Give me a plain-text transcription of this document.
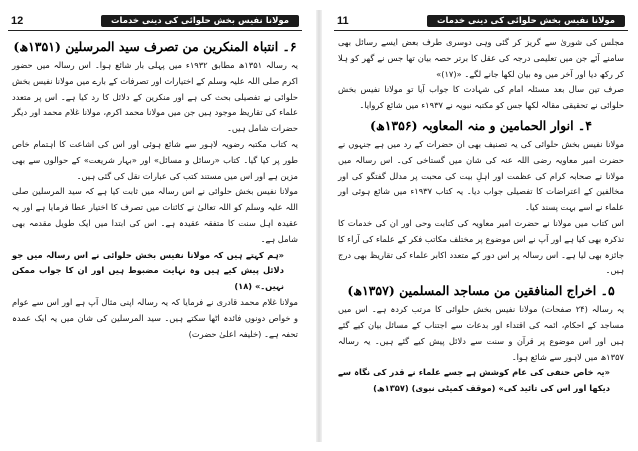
مولانا نفیس بخش حلوائی کی دینی خدمات
11

مجلس کی شوریٰ سے گریز کر گئی وہی دوسری طرف بعض ایسے رسائل بھی سامنے آئے جن میں تعلیمی درجہ کی عقل کا برتر حصہ بیان تھا جس نے گھر کو ہلا کر رکھ دیا اور آخر میں وہ بیان لکھا جانے لگے۔ «(۱۷)»

صرف تین سال بعد مسئلہ امام کی شہادت کا جواب آیا تو مولانا نفیس بخش حلوائی نے تحقیقی مقالہ لکھا جس کو مکتبہ نبویہ نے ۱۹۳۷ء میں شائع کروایا۔

۴۔ انوار الحمامین و منہ المعاوبہ (۱۳۵۶ھ)

مولانا نفیس بخش حلوائی کی یہ تصنیف بھی ان حضرات کے رد میں ہے جنہوں نے حضرت امیر معاویہ رضی اللہ عنہ کی شان میں گستاخی کی۔ اس رسالہ میں مولانا نے صحابہ کرام کی عظمت اور اہلِ بیت کی محبت پر مدلل گفتگو کی اور مخالفین کے اعتراضات کا تفصیلی جواب دیا۔ یہ کتاب ۱۹۳۷ء میں شائع ہوئی اور علماء نے اسے بہت پسند کیا۔

اس کتاب میں مولانا نے حضرت امیر معاویہ کی کتابت وحی اور ان کی خدمات کا تذکرہ بھی کیا ہے اور آپ نے اس موضوع پر مختلف مکاتب فکر کے علماء کی آراء کا جائزہ بھی لیا ہے۔ اس رسالہ پر اس دور کے متعدد اکابر علماء کی تقاریظ بھی درج ہیں۔

۵۔ اخراج المنافقین من مساجد المسلمین (۱۳۵۷ھ)

یہ رسالہ (۲۴ صفحات) مولانا نفیس بخش حلوائی کا مرتب کردہ ہے۔ اس میں مساجد کے احکام، ائمہ کی اقتداء اور بدعات سے اجتناب کے مسائل بیان کیے گئے ہیں اور اس موضوع پر قرآن و سنت سے دلائل پیش کیے گئے ہیں۔ یہ رسالہ ۱۳۵۷ھ میں لاہور سے شائع ہوا۔

«یہ خاص حنفی کی عام کوشش ہے جسے علماء نے قدر کی نگاہ سے دیکھا اور اس کی تائید کی» (موقف کمیٹی نبوی) (۱۳۵۷ھ)

مولانا نفیس بخش حلوائی کی دینی خدمات
12
۶۔ انتباہ المنکرین من تصرف سید المرسلین (۱۳۵۱ھ)

یہ رسالہ ۱۳۵۱ھ مطابق ۱۹۳۲ء میں پہلی بار شائع ہوا۔ اس رسالہ میں حضور اکرم صلی اللہ علیہ وسلم کے اختیارات اور تصرفات کے بارے میں مولانا نفیس بخش حلوائی نے تفصیلی بحث کی ہے اور منکرین کے دلائل کا رد کیا ہے۔ اس پر متعدد علماء کی تقاریظ موجود ہیں جن میں مولانا محمد اکرم، مولانا غلام محمد اور دیگر حضرات شامل ہیں۔

یہ کتاب مکتبہ رضویہ لاہور سے شائع ہوئی اور اس کی اشاعت کا اہتمام خاص طور پر کیا گیا۔ کتاب «رسائل و مسائل» اور «بہار شریعت» کے حوالوں سے بھی مزین ہے اور اس میں مستند کتب کی عبارات نقل کی گئی ہیں۔

مولانا نفیس بخش حلوائی نے اس رسالہ میں ثابت کیا ہے کہ سید المرسلین صلی اللہ علیہ وسلم کو اللہ تعالیٰ نے کائنات میں تصرف کا اختیار عطا فرمایا ہے اور یہ عقیدہ اہل سنت کا متفقہ عقیدہ ہے۔ اس کی ابتدا میں ایک طویل مقدمہ بھی شامل ہے۔

«ہم کہتے ہیں کہ مولانا نفیس بخش حلوائی نے اس رسالہ میں جو دلائل پیش کیے ہیں وہ نہایت مضبوط ہیں اور ان کا جواب ممکن نہیں۔» (۱۸)

مولانا غلام محمد قادری نے فرمایا کہ یہ رسالہ اپنی مثال آپ ہے اور اس سے عوام و خواص دونوں فائدہ اٹھا سکتے ہیں۔ سید المرسلین کی شان میں یہ ایک عمدہ تحفہ ہے۔ (خلیفہ اعلیٰ حضرت)
